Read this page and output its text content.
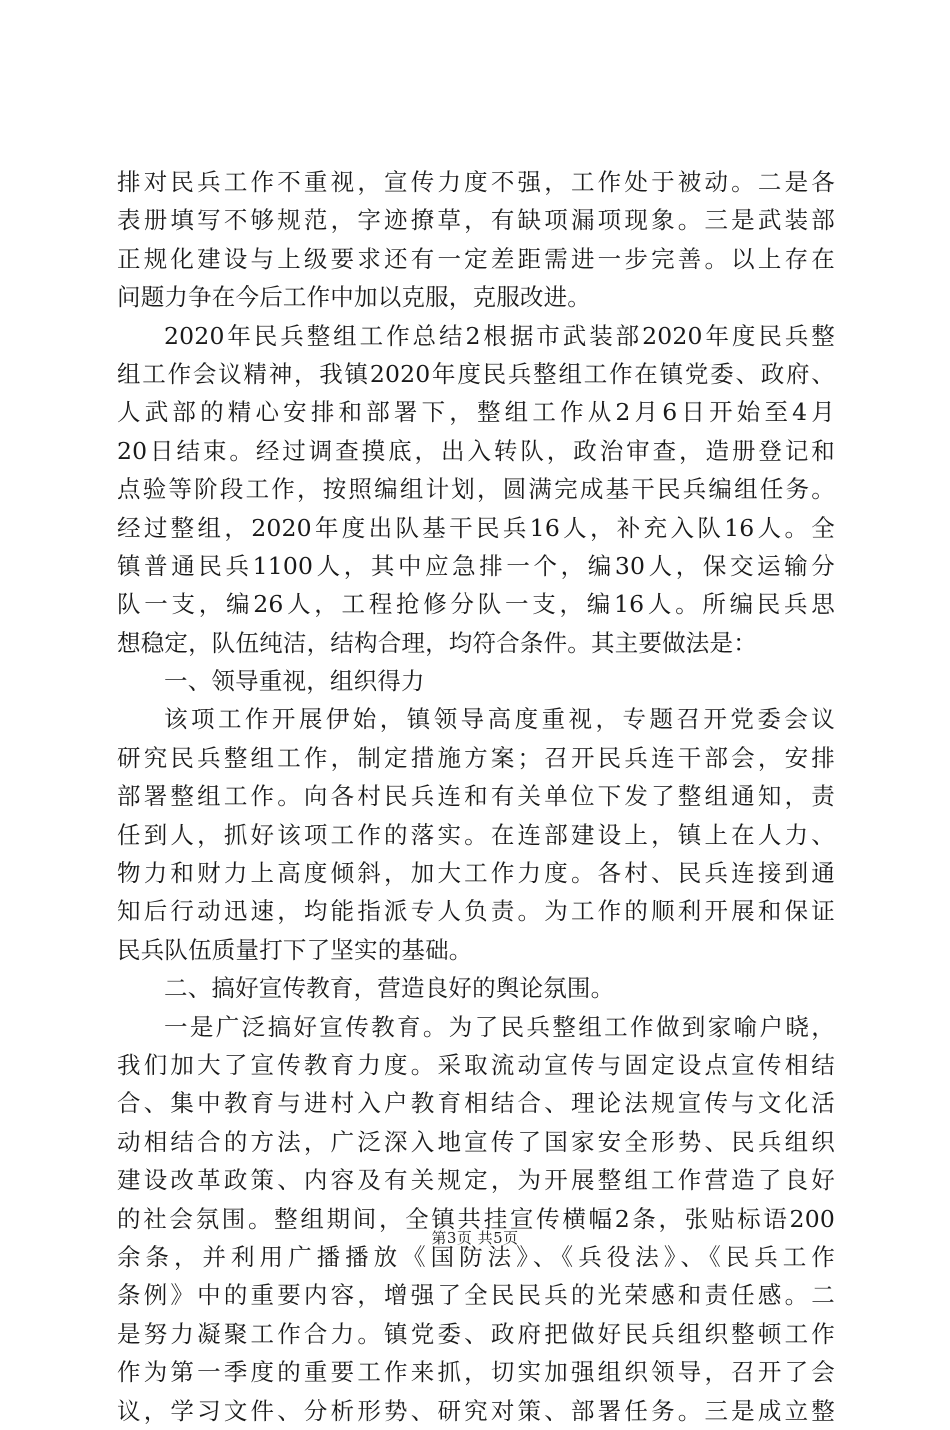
排对民兵工作不重视，宣传力度不强，工作处于被动。二是各
表册填写不够规范，字迹撩草，有缺项漏项现象。三是武装部
正规化建设与上级要求还有一定差距需进一步完善。以上存在
问题力争在今后工作中加以克服，克服改进。
2020年民兵整组工作总结2根据市武装部2020年度民兵整
组工作会议精神，我镇2020年度民兵整组工作在镇党委、政府、
人武部的精心安排和部署下，整组工作从2月6日开始至4月
20日结束。经过调查摸底，出入转队，政治审查，造册登记和
点验等阶段工作，按照编组计划，圆满完成基干民兵编组任务。
经过整组，2020年度出队基干民兵16人，补充入队16人。全
镇普通民兵1100人，其中应急排一个，编30人，保交运输分
队一支，编26人，工程抢修分队一支，编16人。所编民兵思
想稳定，队伍纯洁，结构合理，均符合条件。其主要做法是：
一、领导重视，组织得力
该项工作开展伊始，镇领导高度重视，专题召开党委会议
研究民兵整组工作，制定措施方案；召开民兵连干部会，安排
部署整组工作。向各村民兵连和有关单位下发了整组通知，责
任到人，抓好该项工作的落实。在连部建设上，镇上在人力、
物力和财力上高度倾斜，加大工作力度。各村、民兵连接到通
知后行动迅速，均能指派专人负责。为工作的顺利开展和保证
民兵队伍质量打下了坚实的基础。
二、搞好宣传教育，营造良好的舆论氛围。
一是广泛搞好宣传教育。为了民兵整组工作做到家喻户晓，
我们加大了宣传教育力度。采取流动宣传与固定设点宣传相结
合、集中教育与进村入户教育相结合、理论法规宣传与文化活
动相结合的方法，广泛深入地宣传了国家安全形势、民兵组织
建设改革政策、内容及有关规定，为开展整组工作营造了良好
的社会氛围。整组期间，全镇共挂宣传横幅2条，张贴标语200
余条，并利用广播播放《国防法》、《兵役法》、《民兵工作
条例》中的重要内容，增强了全民民兵的光荣感和责任感。二
是努力凝聚工作合力。镇党委、政府把做好民兵组织整顿工作
作为第一季度的重要工作来抓，切实加强组织领导，召开了会
议，学习文件、分析形势、研究对策、部署任务。三是成立整
第3页 共5页
